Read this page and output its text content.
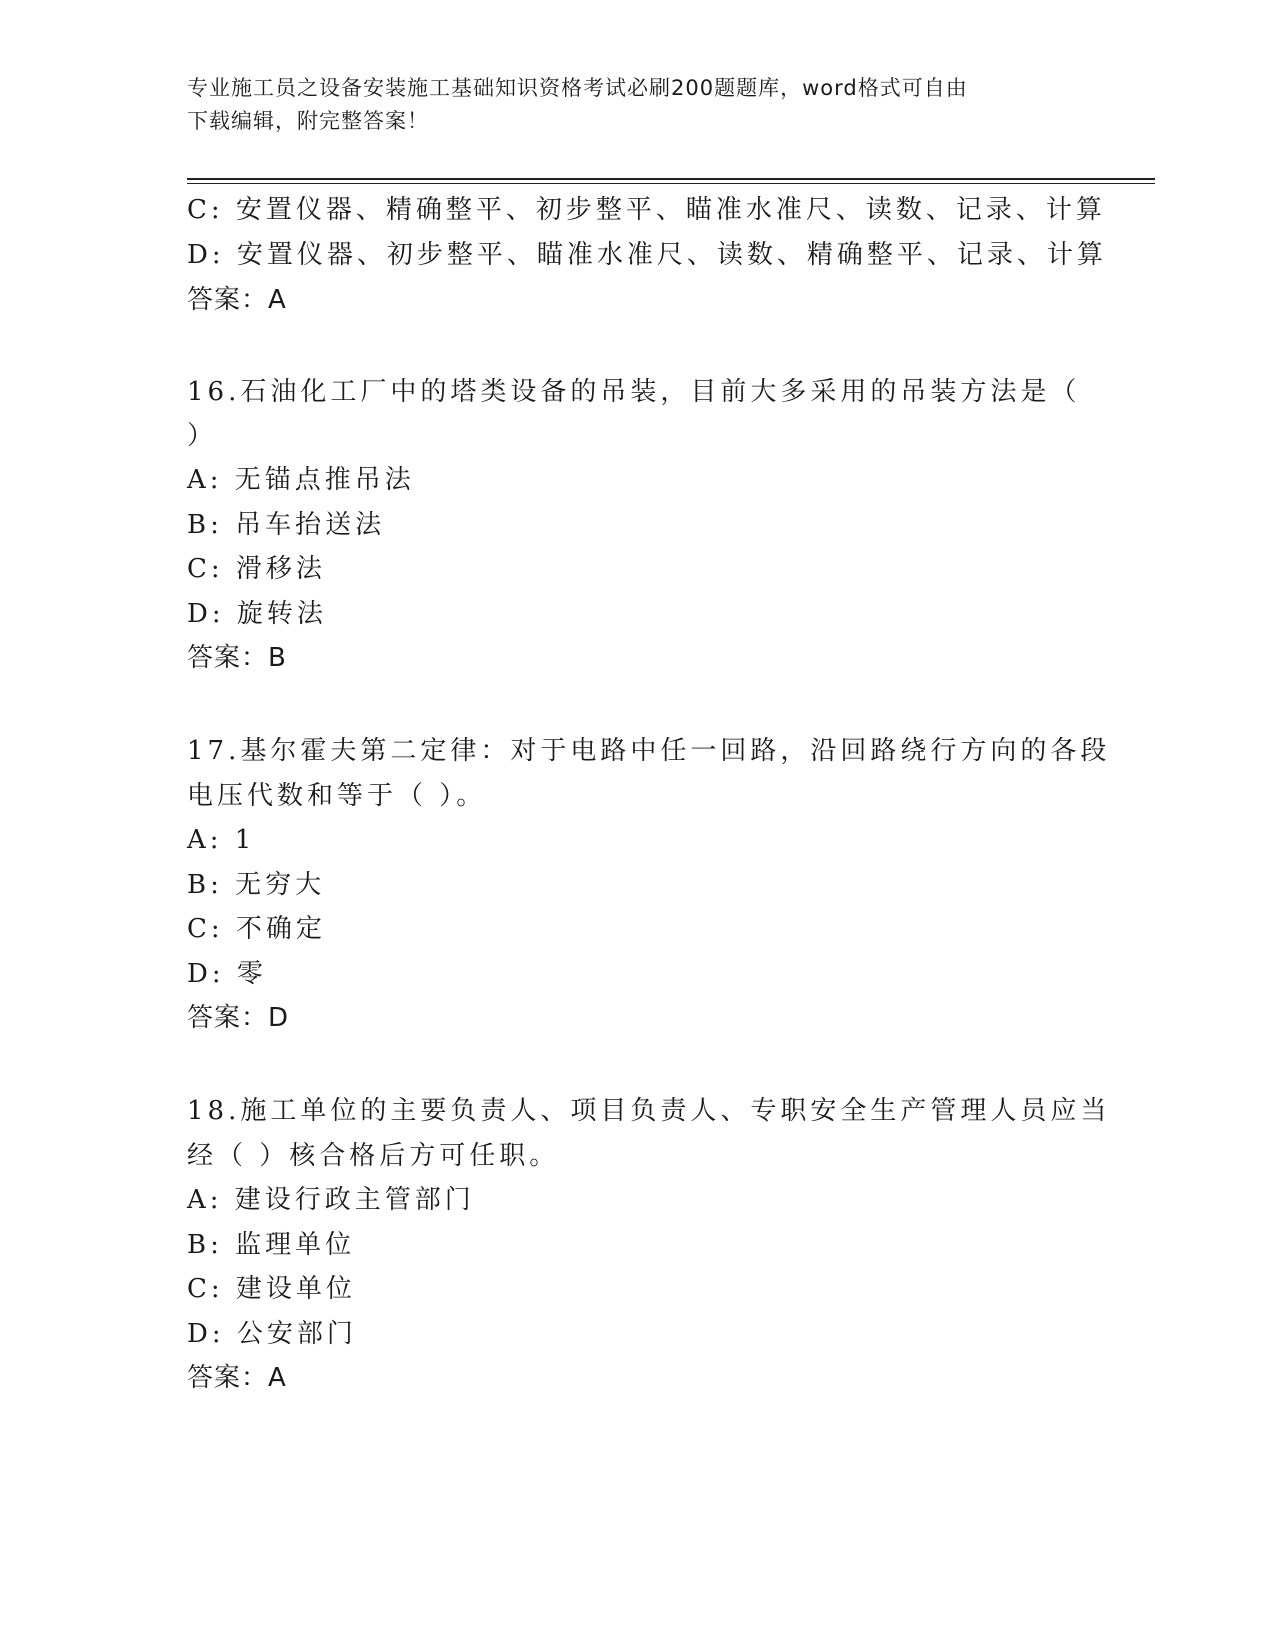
专业施工员之设备安装施工基础知识资格考试必刷200题题库，word格式可自由
下载编辑，附完整答案！
C: 安置仪器、精确整平、初步整平、瞄准水准尺、读数、记录、计算
D: 安置仪器、初步整平、瞄准水准尺、读数、精确整平、记录、计算
答案：A
16.石油化工厂中的塔类设备的吊装，目前大多采用的吊装方法是（
）
A: 无锚点推吊法
B: 吊车抬送法
C: 滑移法
D: 旋转法
答案：B
17.基尔霍夫第二定律：对于电路中任一回路，沿回路绕行方向的各段
电压代数和等于（ ）。
A: 1
B: 无穷大
C: 不确定
D: 零
答案：D
18.施工单位的主要负责人、项目负责人、专职安全生产管理人员应当
经（ ）核合格后方可任职。
A: 建设行政主管部门
B: 监理单位
C: 建设单位
D: 公安部门
答案：A
